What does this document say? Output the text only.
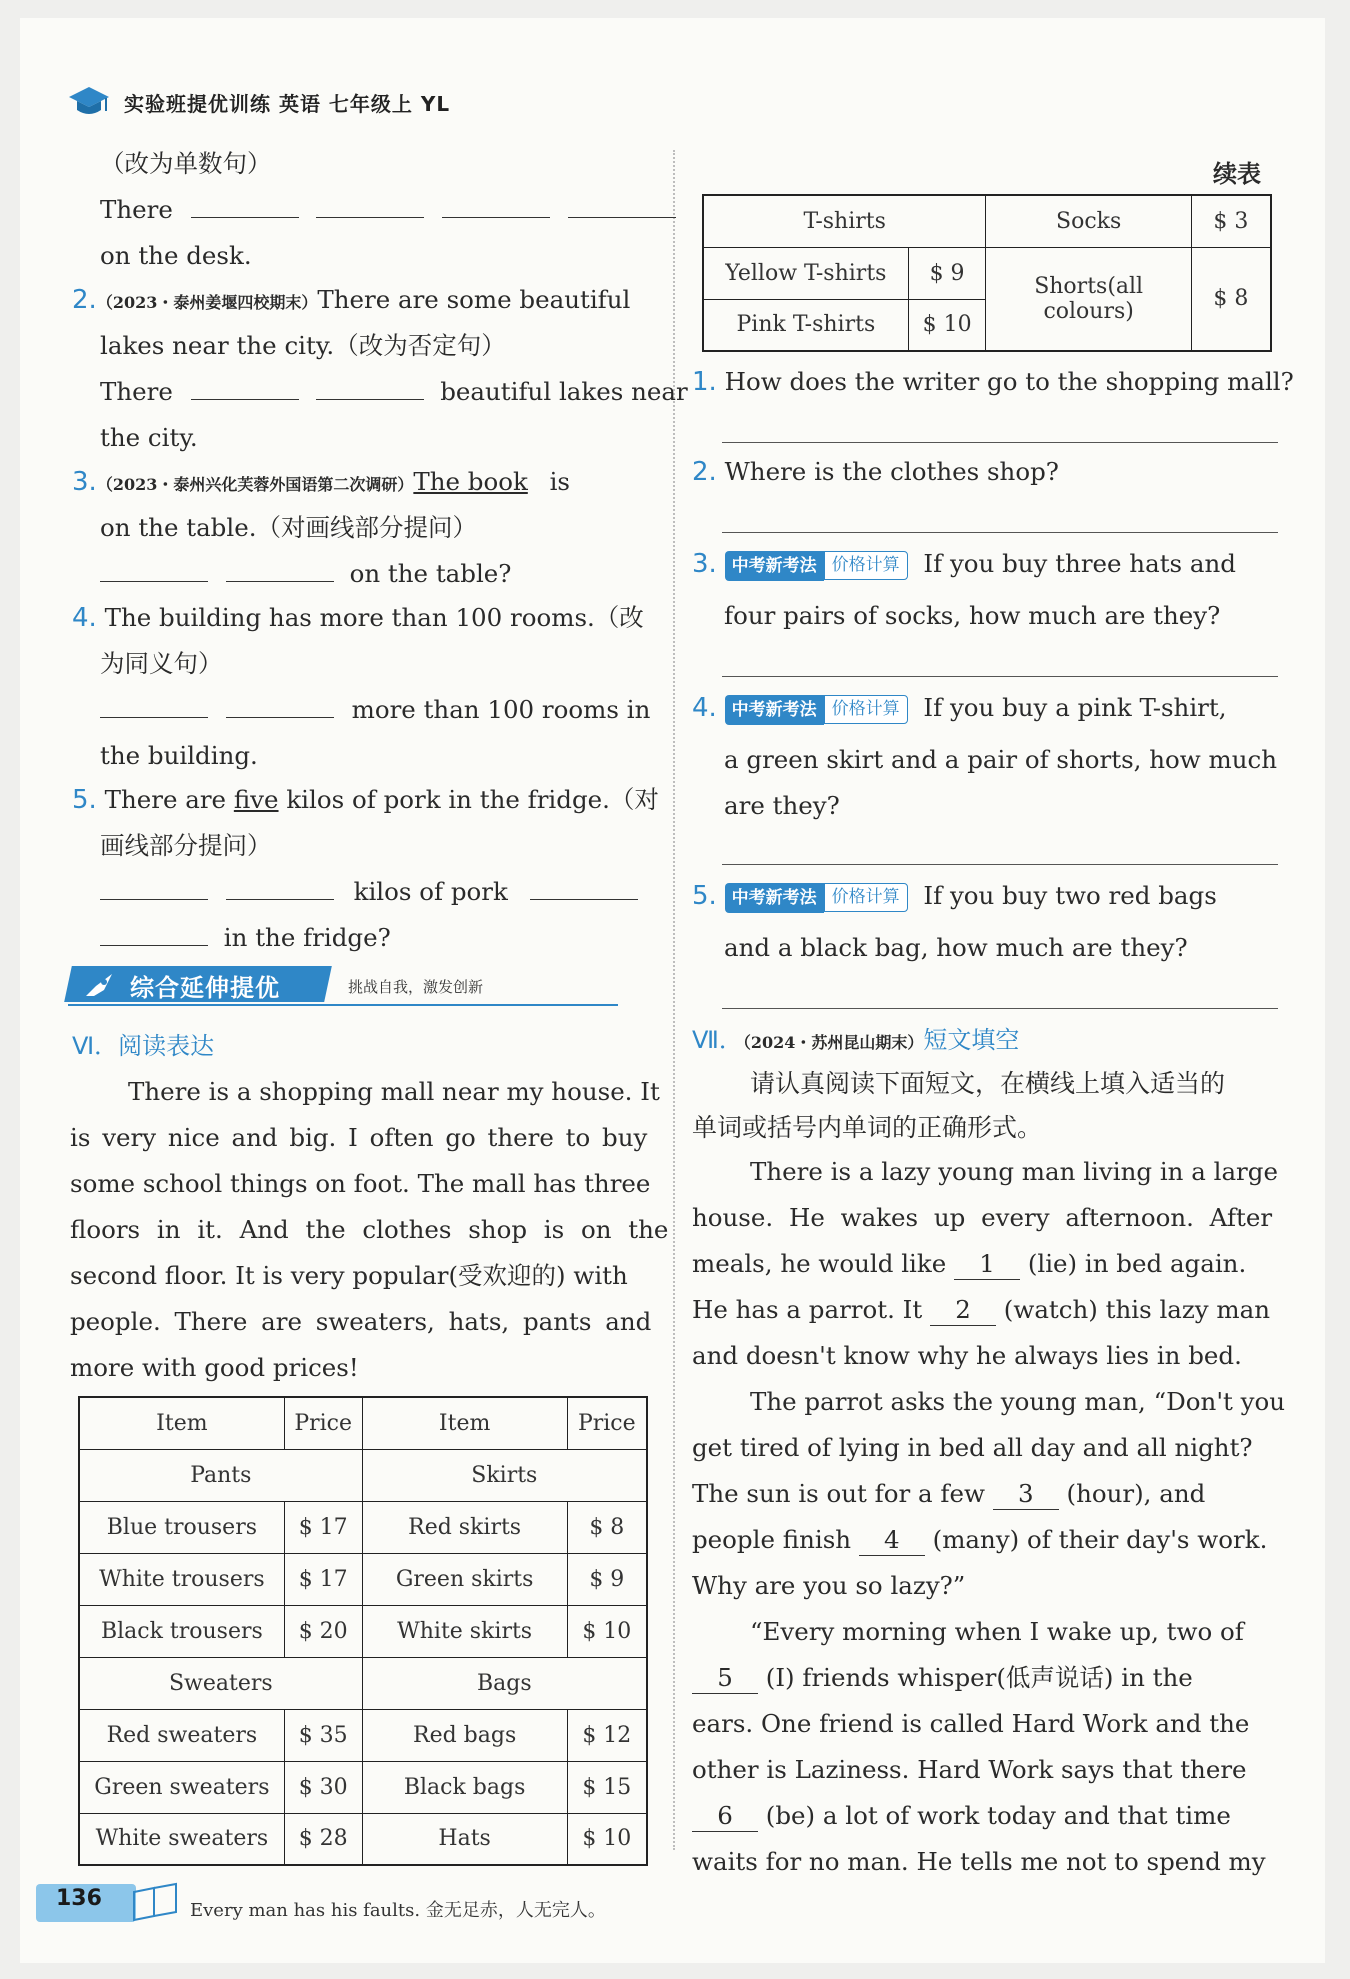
实验班提优训练 英语 七年级上 YL
（改为单数句）
There
on the desk.
2.（2023・泰州姜堰四校期末）There are some beautiful
lakes near the city.（改为否定句）
There	beautiful lakes near
the city.
3.（2023・泰州兴化芙蓉外国语第二次调研）The book is
on the table.（对画线部分提问）
on the table?
4. The building has more than 100 rooms.（改
为同义句）
more than 100 rooms in
the building.
5. There are five kilos of pork in the fridge.（对
画线部分提问）
kilos of pork
in the fridge?
综合延伸提优	挑战自我，激发创新
Ⅵ．阅读表达
There is a shopping mall near my house. It
is very nice and big. I often go there to buy
some school things on foot. The mall has three
floors in it. And the clothes shop is on the
second floor. It is very popular(受欢迎的) with
people. There are sweaters, hats, pants and
more with good prices!
Item	Price	Item	Price
Pants		Skirts	
Blue trousers	$ 17	Red skirts	$ 8
White trousers	$ 17	Green skirts	$ 9
Black trousers	$ 20	White skirts	$ 10
Sweaters		Bags	
Red sweaters	$ 35	Red bags	$ 12
Green sweaters	$ 30	Black bags	$ 15
White sweaters	$ 28	Hats	$ 10
续表
T-shirts		Socks	$ 3
Yellow T-shirts	$ 9	Shorts(all colours)	$ 8
Pink T-shirts	$ 10		
1. How does the writer go to the shopping mall?
2. Where is the clothes shop?
3. 中考新考法 价格计算 If you buy three hats and
four pairs of socks, how much are they?
4. 中考新考法 价格计算 If you buy a pink T-shirt,
a green skirt and a pair of shorts, how much
are they?
5. 中考新考法 价格计算 If you buy two red bags
and a black bag, how much are they?
Ⅶ．（2024・苏州昆山期末）短文填空
请认真阅读下面短文，在横线上填入适当的
单词或括号内单词的正确形式。
There is a lazy young man living in a large
house. He wakes up every afternoon. After
meals, he would like 1 (lie) in bed again.
He has a parrot. It 2 (watch) this lazy man
and doesn't know why he always lies in bed.
The parrot asks the young man, “Don't you
get tired of lying in bed all day and all night?
The sun is out for a few 3 (hour), and
people finish 4 (many) of their day's work.
Why are you so lazy?”
“Every morning when I wake up, two of
5 (I) friends whisper(低声说话) in the
ears. One friend is called Hard Work and the
other is Laziness. Hard Work says that there
6 (be) a lot of work today and that time
waits for no man. He tells me not to spend my
136	Every man has his faults. 金无足赤，人无完人。
